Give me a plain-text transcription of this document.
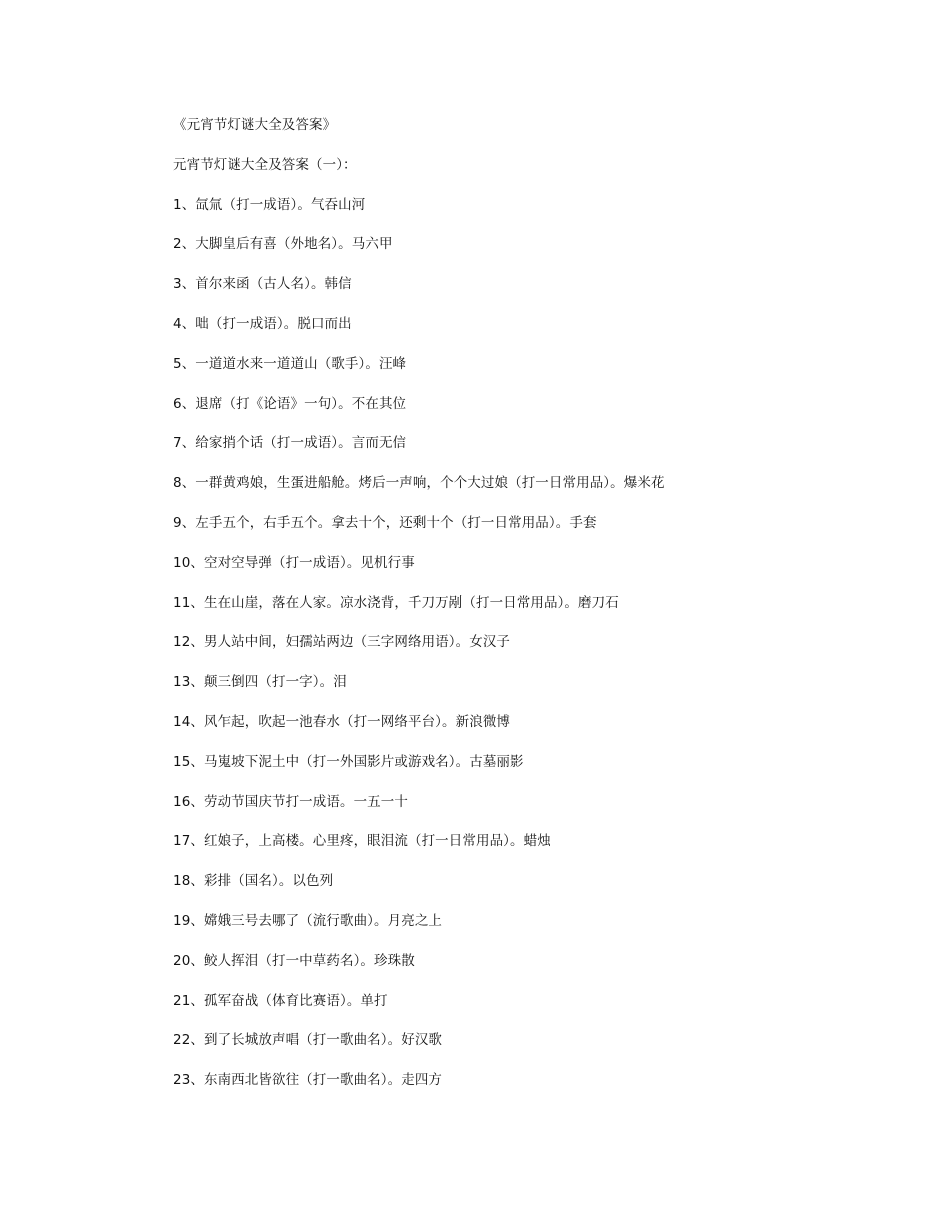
《元宵节灯谜大全及答案》
元宵节灯谜大全及答案（一）：
1、氙氚（打一成语）。气吞山河
2、大脚皇后有喜（外地名）。马六甲
3、首尔来函（古人名）。韩信
4、咄（打一成语）。脱口而出
5、一道道水来一道道山（歌手）。汪峰
6、退席（打《论语》一句）。不在其位
7、给家捎个话（打一成语）。言而无信
8、一群黄鸡娘，生蛋进船舱。烤后一声响，个个大过娘（打一日常用品）。爆米花
9、左手五个，右手五个。拿去十个，还剩十个（打一日常用品）。手套
10、空对空导弹（打一成语）。见机行事
11、生在山崖，落在人家。凉水浇背，千刀万剐（打一日常用品）。磨刀石
12、男人站中间，妇孺站两边（三字网络用语）。女汉子
13、颠三倒四（打一字）。泪
14、风乍起，吹起一池春水（打一网络平台）。新浪微博
15、马嵬坡下泥土中（打一外国影片或游戏名）。古墓丽影
16、劳动节国庆节打一成语。一五一十
17、红娘子，上高楼。心里疼，眼泪流（打一日常用品）。蜡烛
18、彩排（国名）。以色列
19、嫦娥三号去哪了（流行歌曲）。月亮之上
20、鲛人挥泪（打一中草药名）。珍珠散
21、孤军奋战（体育比赛语）。单打
22、到了长城放声唱（打一歌曲名）。好汉歌
23、东南西北皆欲往（打一歌曲名）。走四方
